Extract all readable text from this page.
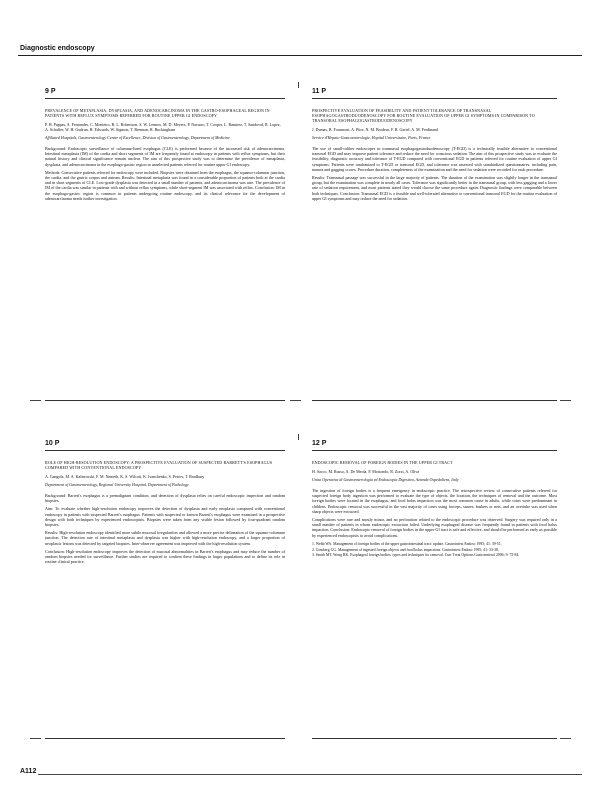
Diagnostic endoscopy
9 P
PREVALENCE OF METAPLASIA, DYSPLASIA, AND ADENOCARCINOMA IN THE GASTRO-ESOPHAGEAL REGION IN PATIENTS WITH REFLUX SYMPTOMS REFERRED FOR ROUTINE UPPER GI ENDOSCOPY
P. H. Pappas, A. Fernandes, C. Monteiro, R. L. Robertson, S. W. Lennox, M. D. Meyers, P. Navarro, T. Cooper, L. Ramirez, T. Sandoval, R. Lopez, A. Schaffer, W. H. Gudrun, H. Edwards, W. Sigmon, T. Brennan, R. Buckingham
Affiliated Hospitals, Gastroenterology Center of Excellence, Division of Gastroenterology, Department of Medicine

Background: Endoscopic surveillance of columnar-lined esophagus (CLE) is performed because of the increased risk of adenocarcinoma. Intestinal metaplasia (IM) of the cardia and short segments of IM are frequently found at endoscopy in patients with reflux symptoms, but their natural history and clinical significance remain unclear. The aim of this prospective study was to determine the prevalence of metaplasia, dysplasia, and adenocarcinoma in the esophago-gastric region in unselected patients referred for routine upper GI endoscopy.

Methods: Consecutive patients referred for endoscopy were included. Biopsies were obtained from the esophagus, the squamo-columnar junction, the cardia, and the gastric corpus and antrum. Results: Intestinal metaplasia was found in a considerable proportion of patients both at the cardia and in short segments of CLE. Low-grade dysplasia was detected in a small number of patients, and adenocarcinoma was rare. The prevalence of IM of the cardia was similar in patients with and without reflux symptoms, while short-segment IM was associated with reflux. Conclusion: IM in the esophago-gastric region is common in patients undergoing routine endoscopy, and its clinical relevance for the development of adenocarcinoma needs further investigation.

11 P
PROSPECTIVE EVALUATION OF FEASIBILITY AND PATIENT TOLERANCE OF TRANSNASAL ESOPHAGOGASTRODUODENOSCOPY FOR ROUTINE EVALUATION OF UPPER GI SYMPTOMS IN COMPARISON TO TRANSORAL ESOPHAGOGASTRODUODENOSCOPY
J. Dumas, B. Fourmont, A. Pitre, N. M. Brodeur, F. R. Gariel, A. M. Ferdinand
Service d'Hepato-Gastroenterologie, Hopital Universitaire, Paris, France

The use of small-caliber endoscopes in transnasal esophagogastroduodenoscopy (T-EGD) is a technically feasible alternative to conventional transoral EGD and may improve patient tolerance and reduce the need for conscious sedation. The aim of this prospective study was to evaluate the feasibility, diagnostic accuracy and tolerance of T-EGD compared with conventional EGD in patients referred for routine evaluation of upper GI symptoms. Patients were randomized to T-EGD or transoral EGD, and tolerance was assessed with standardized questionnaires, including pain, nausea and gagging scores. Procedure duration, completeness of the examination and the need for sedation were recorded for each procedure.

Results: Transnasal passage was successful in the large majority of patients. The duration of the examination was slightly longer in the transnasal group, but the examination was complete in nearly all cases. Tolerance was significantly better in the transnasal group, with less gagging and a lower rate of sedation requirement, and most patients stated they would choose the same procedure again. Diagnostic findings were comparable between both techniques. Conclusion: Transnasal EGD is a feasible and well-tolerated alternative to conventional transoral EGD for the routine evaluation of upper GI symptoms and may reduce the need for sedation.

10 P
ROLE OF HIGH-RESOLUTION ENDOSCOPY: A PROSPECTIVE EVALUATION OF SUSPECTED BARRETT'S ESOPHAGUS COMPARED WITH CONVENTIONAL ENDOSCOPY
A. Gangola, M. A. Kalinowski, F. M. Nemeth, K. S. Wilcott, K. Ivanchenko, S. Petrov, T. Bradbury
Department of Gastroenterology, Regional University Hospital, Department of Pathology

Background: Barrett's esophagus is a premalignant condition, and detection of dysplasia relies on careful endoscopic inspection and random biopsies.

Aim: To evaluate whether high-resolution endoscopy improves the detection of dysplasia and early neoplasia compared with conventional endoscopy in patients with suspected Barrett's esophagus. Patients with suspected or known Barrett's esophagus were examined in a prospective design with both techniques by experienced endoscopists. Biopsies were taken from any visible lesion followed by four-quadrant random biopsies.

Results: High-resolution endoscopy identified more subtle mucosal irregularities and allowed a more precise delineation of the squamo-columnar junction. The detection rate of intestinal metaplasia and dysplasia was higher with high-resolution endoscopy, and a larger proportion of neoplastic lesions was detected by targeted biopsies. Inter-observer agreement was improved with the high-resolution system.

Conclusion: High-resolution endoscopy improves the detection of mucosal abnormalities in Barrett's esophagus and may reduce the number of random biopsies needed for surveillance. Further studies are required to confirm these findings in larger populations and to define its role in routine clinical practice.

12 P
ENDOSCOPIC REMOVAL OF FOREIGN BODIES IN THE UPPER GI TRACT
H. Sacco, M. Russo, A. De Meola, F. Moriondo, R. Zorzi, A. Oliva
Unita Operativa di Gastroenterologia ed Endoscopia Digestiva, Azienda Ospedaliera, Italy

The ingestion of foreign bodies is a frequent emergency in endoscopic practice. The retrospective review of consecutive patients referred for suspected foreign body ingestion was performed to evaluate the type of objects, the location, the techniques of removal and the outcome. Most foreign bodies were located in the esophagus, and food bolus impaction was the most common cause in adults, while coins were predominant in children. Endoscopic removal was successful in the vast majority of cases using forceps, snares, baskets or nets, and an overtube was used when sharp objects were extracted.

Complications were rare and mostly minor, and no perforation related to the endoscopic procedure was observed. Surgery was required only in a small number of patients in whom endoscopic extraction failed. Underlying esophageal disease was frequently found in patients with food bolus impaction. Conclusion: Endoscopic removal of foreign bodies in the upper GI tract is safe and effective, and should be performed as early as possible by experienced endoscopists to avoid complications.

1. Webb WA. Management of foreign bodies of the upper gastrointestinal tract: update. Gastrointest Endosc 1995; 41: 39-51.
2. Ginsberg GG. Management of ingested foreign objects and food bolus impactions. Gastrointest Endosc 1995; 41: 33-38.
3. Smith MT, Wong RK. Esophageal foreign bodies: types and techniques for removal. Curr Treat Options Gastroenterol 2006; 9: 75-84.
A112
